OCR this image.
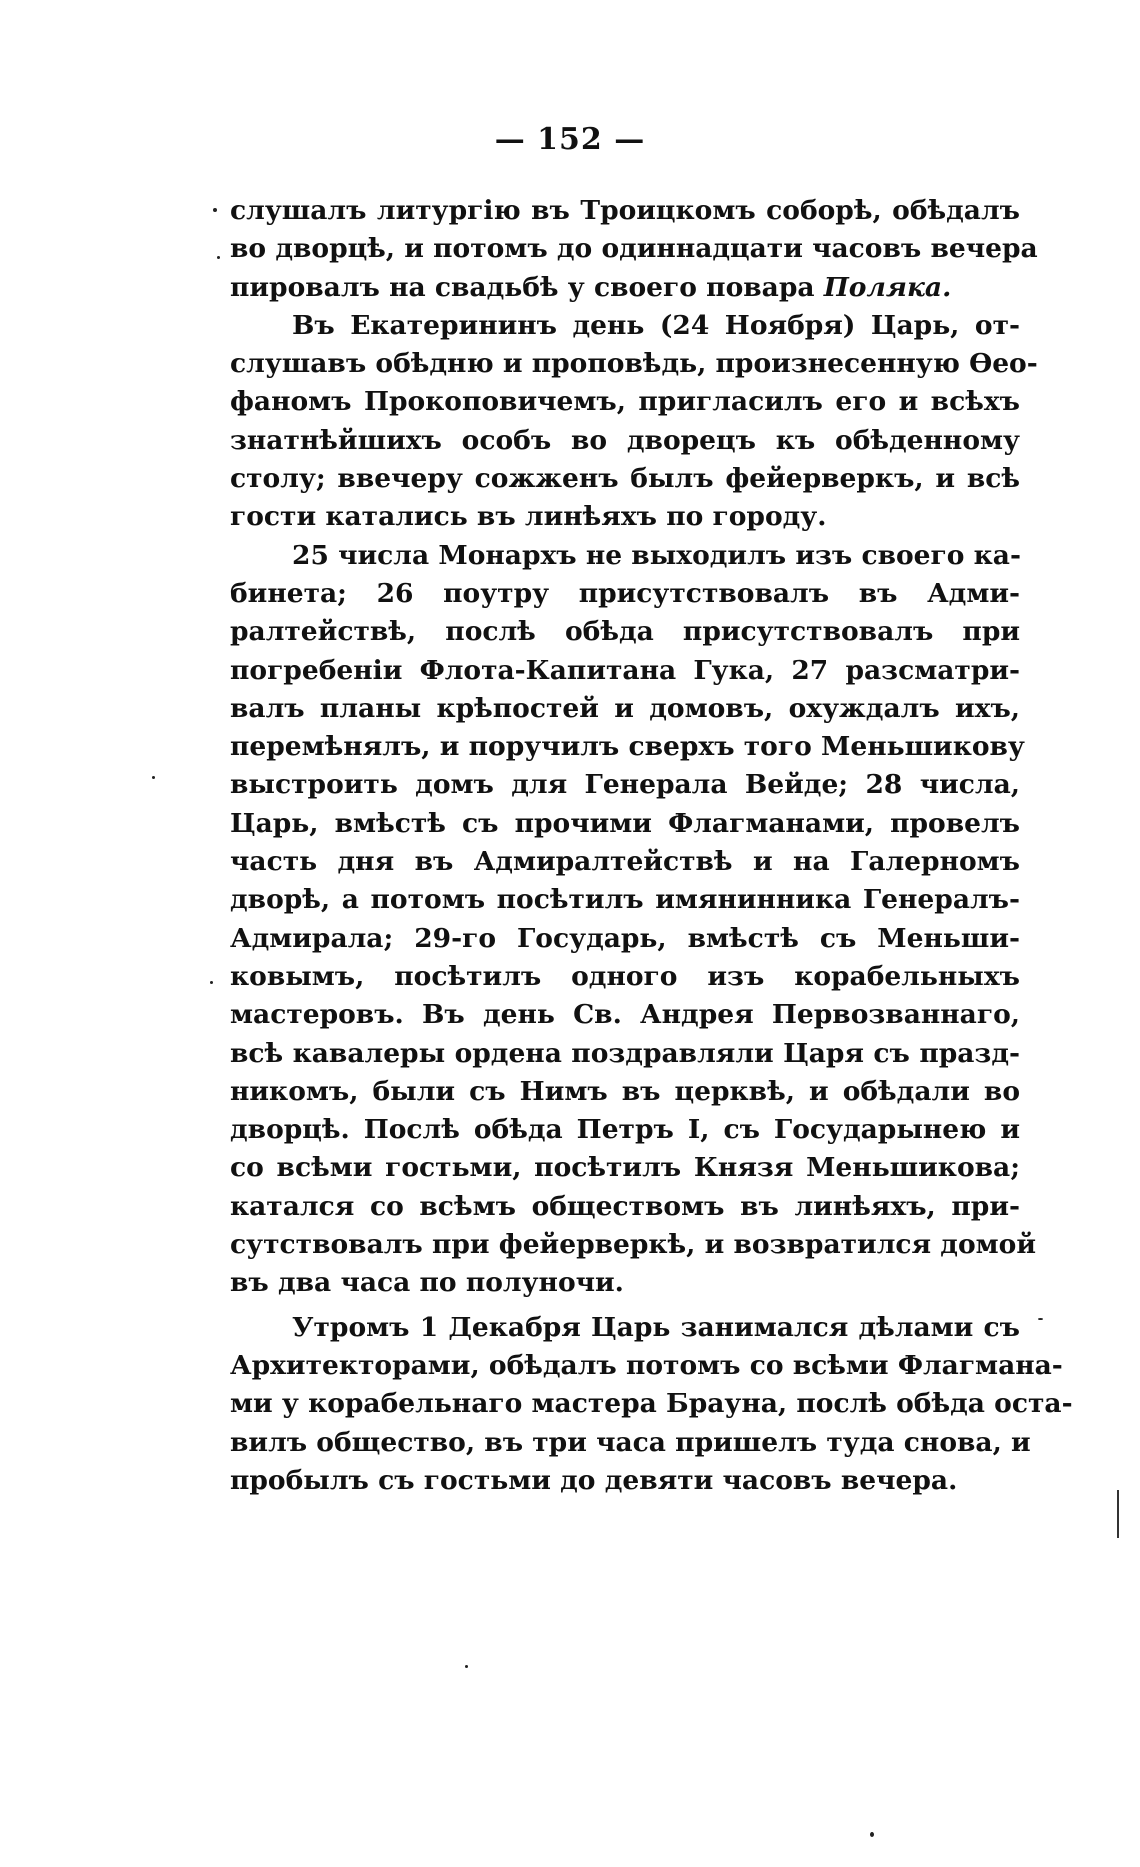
— 152 —
слушалъ литургію въ Троицкомъ соборѣ, обѣдалъ
во дворцѣ, и потомъ до одиннадцати часовъ вечера
пировалъ на свадьбѣ у своего повара Поляка.
Въ Екатерининъ день (24 Ноября) Царь, от-
слушавъ обѣдню и проповѣдь, произнесенную Ѳео-
фаномъ Прокоповичемъ, пригласилъ его и всѣхъ
знатнѣйшихъ особъ во дворецъ къ обѣденному
столу; ввечеру сожженъ былъ фейерверкъ, и всѣ
гости катались въ линѣяхъ по городу.
25 числа Монархъ не выходилъ изъ своего ка-
бинета; 26 поутру присутствовалъ въ Адми-
ралтействѣ, послѣ обѣда присутствовалъ при
погребеніи Флота-Капитана Гука, 27 разсматри-
валъ планы крѣпостей и домовъ, охуждалъ ихъ,
перемѣнялъ, и поручилъ сверхъ того Меньшикову
выстроить домъ для Генерала Вейде; 28 числа,
Царь, вмѣстѣ съ прочими Флагманами, провелъ
часть дня въ Адмиралтействѣ и на Галерномъ
дворѣ, а потомъ посѣтилъ имянинника Генералъ-
Адмирала; 29-го Государь, вмѣстѣ съ Меньши-
ковымъ, посѣтилъ одного изъ корабельныхъ
мастеровъ. Въ день Св. Андрея Первозваннаго,
всѣ кавалеры ордена поздравляли Царя съ празд-
никомъ, были съ Нимъ въ церквѣ, и обѣдали во
дворцѣ. Послѣ обѣда Петръ I, съ Государынею и
со всѣми гостьми, посѣтилъ Князя Меньшикова;
катался со всѣмъ обществомъ въ линѣяхъ, при-
сутствовалъ при фейерверкѣ, и возвратился домой
въ два часа по полуночи.
Утромъ 1 Декабря Царь занимался дѣлами съ
Архитекторами, обѣдалъ потомъ со всѣми Флагмана-
ми у корабельнаго мастера Брауна, послѣ обѣда оста-
вилъ общество, въ три часа пришелъ туда снова, и
пробылъ съ гостьми до девяти часовъ вечера.
